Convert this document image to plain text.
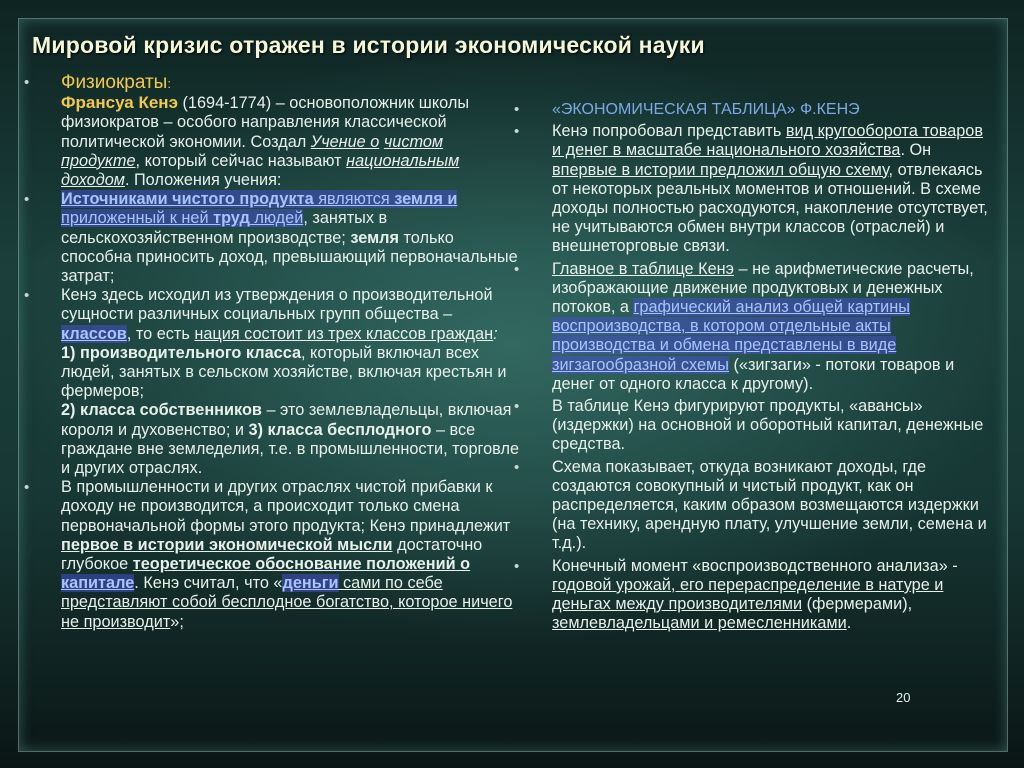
Мировой кризис отражен в истории экономической науки
•	Физиократы:
Франсуа Кенэ (1694-1774) – основоположник школы физиократов – особого направления классической политической экономии. Создал Учение о чистом продукте, который сейчас называют национальным доходом. Положения учения:
•	Источниками чистого продукта являются земля и приложенный к ней труд людей, занятых в сельскохозяйственном производстве; земля только способна приносить доход, превышающий первоначальные затрат;
•	Кенэ здесь исходил из утверждения о производительной сущности различных социальных групп общества – классов, то есть нация состоит из трех классов граждан:
1) производительного класса, который включал всех людей, занятых в сельском хозяйстве, включая крестьян и фермеров;
2) класса собственников – это землевладельцы, включая короля и духовенство; и 3) класса бесплодного – все граждане вне земледелия, т.е. в промышленности, торговле и других отраслях.
•	В промышленности и других отраслях чистой прибавки к доходу не производится, а происходит только смена первоначальной формы этого продукта; Кенэ принадлежит первое в истории экономической мысли достаточно глубокое теоретическое обоснование положений о капитале. Кенэ считал, что «деньги сами по себе представляют собой бесплодное богатство, которое ничего не производит»;
•	«ЭКОНОМИЧЕСКАЯ ТАБЛИЦА» Ф.КЕНЭ
•	Кенэ попробовал представить вид кругооборота товаров и денег в масштабе национального хозяйства. Он впервые в истории предложил общую схему, отвлекаясь от некоторых реальных моментов и отношений. В схеме доходы полностью расходуются, накопление отсутствует, не учитываются обмен внутри классов (отраслей) и внешнеторговые связи.
•	Главное в таблице Кенэ – не арифметические расчеты, изображающие движение продуктовых и денежных потоков, а графический анализ общей картины воспроизводства, в котором отдельные акты производства и обмена представлены в виде зигзагообразной схемы («зигзаги» - потоки товаров и денег от одного класса к другому).
•	В таблице Кенэ фигурируют продукты, «авансы» (издержки) на основной и оборотный капитал, денежные средства.
•	Схема показывает, откуда возникают доходы, где создаются совокупный и чистый продукт, как он распределяется, каким образом возмещаются издержки (на технику, арендную плату, улучшение земли, семена и т.д.).
•	Конечный момент «воспроизводственного анализа» - годовой урожай, его перераспределение в натуре и деньгах между производителями (фермерами), землевладельцами и ремесленниками.
20
